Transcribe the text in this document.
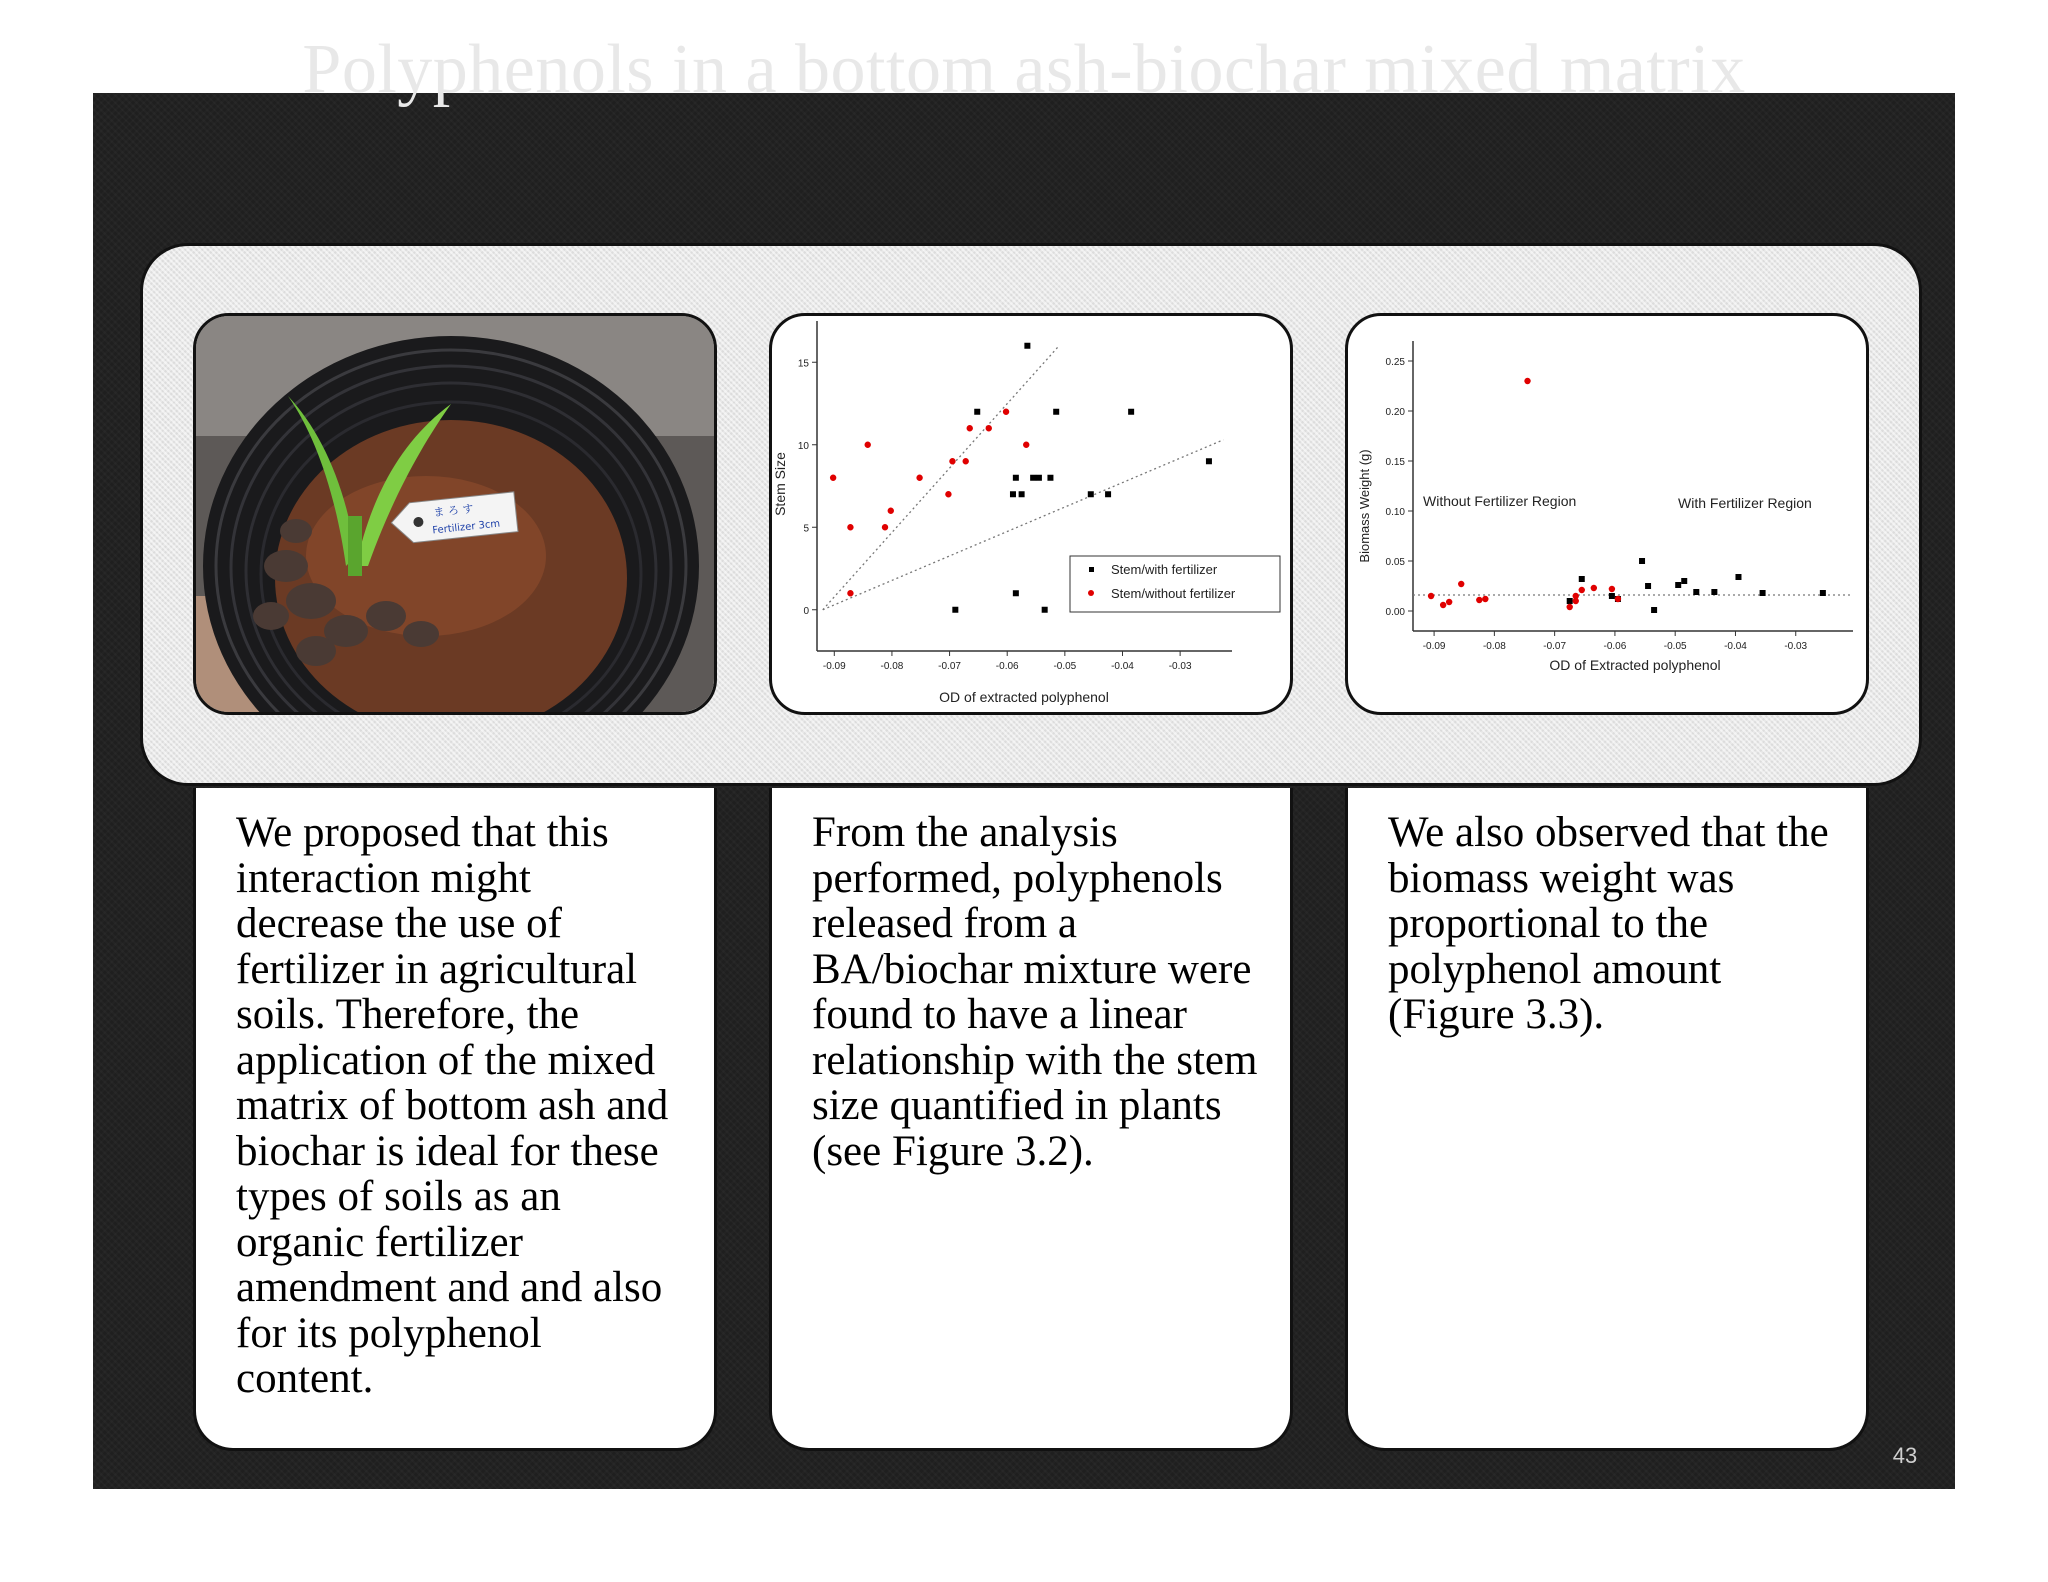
Polyphenols in a bottom ash-biochar mixed matrix
ま ろ す
Fertilizer 3cm
-0.09	-0.08	-0.07	-0.06	-0.05	-0.04	-0.03
0
5
10
15
OD of extracted polyphenol
Stem Size
Stem/with fertilizer
Stem/without fertilizer
-0.09	-0.08	-0.07	-0.06	-0.05	-0.04	-0.03
0.00
0.05
0.10
0.15
0.20
0.25
OD of Extracted polyphenol
Biomass Weight (g)	Without Fertilizer Region	With Fertilizer Region

We proposed that this interaction might decrease the use of fertilizer in agricultural soils. Therefore, the application of the mixed matrix of bottom ash and biochar is ideal for these types of soils as an organic fertilizer amendment and and also for its polyphenol content.

From the analysis performed, polyphenols released from a BA/biochar mixture were found to have a linear relationship with the stem size quantified in plants (see Figure 3.2).

We also observed that the biomass weight was proportional to the polyphenol amount (Figure 3.3).

43
